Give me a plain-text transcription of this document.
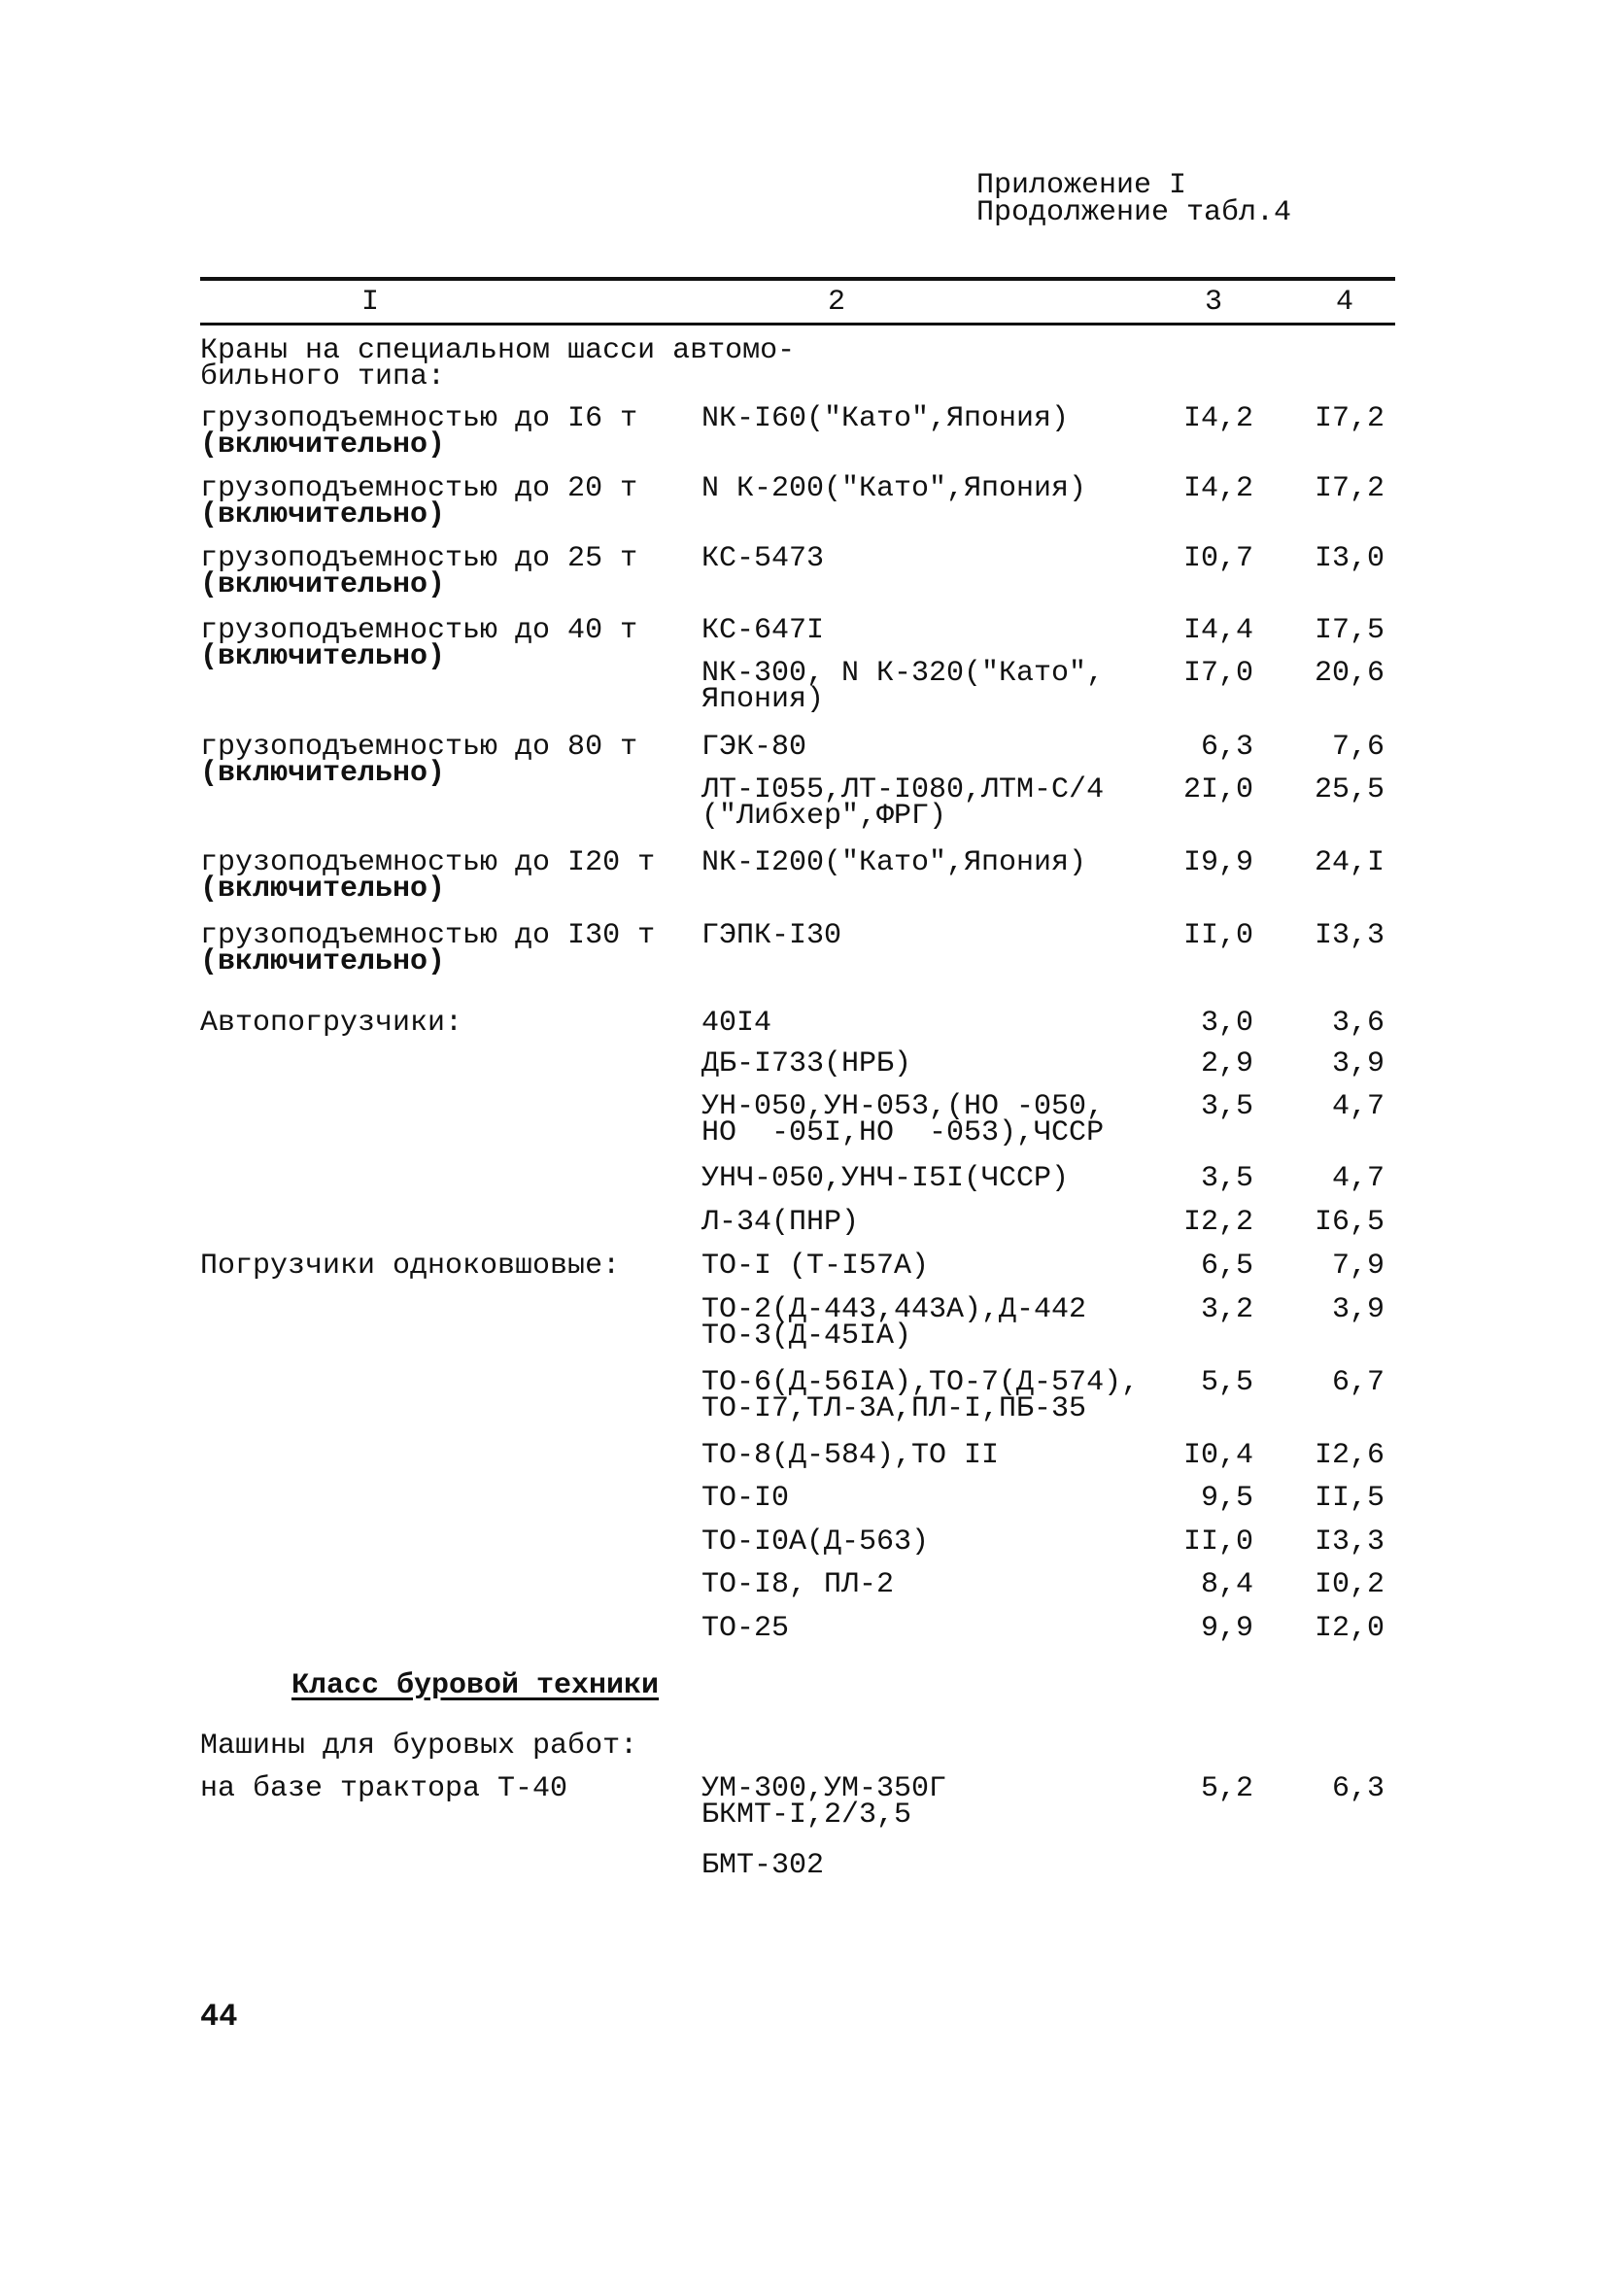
Приложение I
Продолжение табл.4
I	2	3	4
Краны на специальном шасси автомо-
бильного типа:
грузоподъемностью до I6 т
(включительно)
NК-I60("Като",Япония)	I4,2	I7,2
грузоподъемностью до 20 т
(включительно)
N К-200("Като",Япония)	I4,2	I7,2
грузоподъемностью до 25 т
(включительно)
КС-5473	I0,7	I3,0
грузоподъемностью до 40 т
(включительно)
КС-647I	I4,4	I7,5
NК-300, N К-320("Като",
Япония)
I7,0	20,6
грузоподъемностью до 80 т
(включительно)
ГЭК-80	6,3	7,6
ЛТ-I055,ЛТ-I080,ЛТМ-С/4
("Либхер",ФРГ)
2I,0	25,5
грузоподъемностью до I20 т
(включительно)
NК-I200("Като",Япония)	I9,9	24,I
грузоподъемностью до I30 т
(включительно)
ГЭПК-I30	II,0	I3,3
Автопогрузчики:	40I4	3,0	3,6
ДБ-I733(НРБ)	2,9	3,9
УН-050,УН-053,(НО -050,
НО  -05I,НО  -053),ЧССР
3,5	4,7
УНЧ-050,УНЧ-I5I(ЧССР)	3,5	4,7
Л-34(ПНР)	I2,2	I6,5
Погрузчики одноковшовые:	ТО-I (Т-I57А)	6,5	7,9
ТО-2(Д-443,443А),Д-442
ТО-3(Д-45IА)
3,2	3,9
ТО-6(Д-56IА),ТО-7(Д-574),
ТО-I7,ТЛ-3А,ПЛ-I,ПБ-35
5,5	6,7
ТО-8(Д-584),ТО II	I0,4	I2,6
ТО-I0	9,5	II,5
ТО-I0А(Д-563)	II,0	I3,3
ТО-I8, ПЛ-2	8,4	I0,2
ТО-25	9,9	I2,0
на базе трактора Т-40	УМ-300,УМ-350Г
БКМТ-I,2/3,5
5,2	6,3
БМТ-302
Класс буровой техники
Машины для буровых работ:
44
